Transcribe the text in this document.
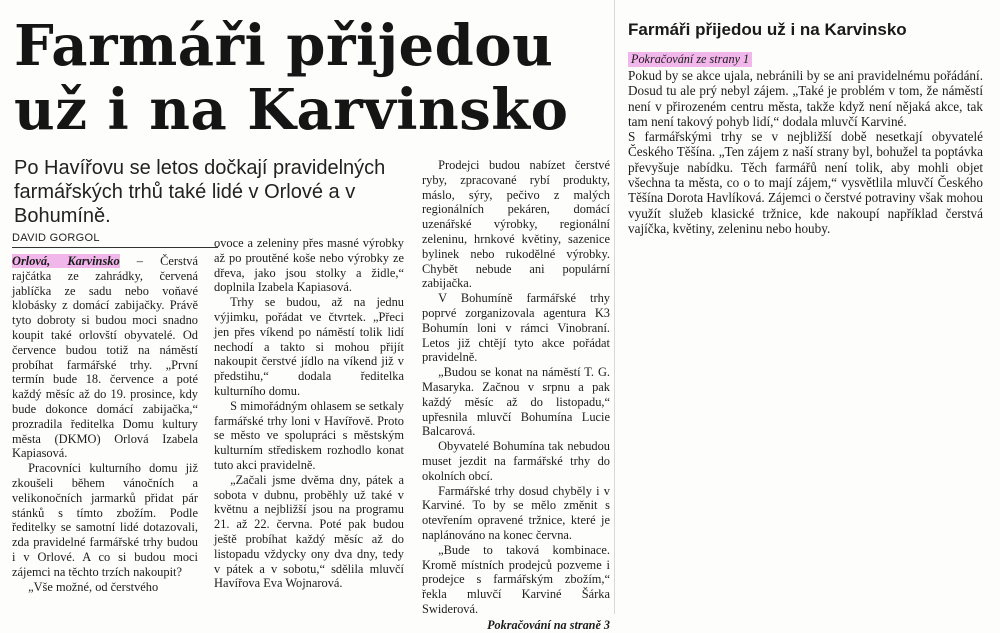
Farmáři přijedou už i na Karvinsko

Po Havířovu se letos dočkají pravidelných farmářských trhů také lidé v Orlové a v Bohumíně.

DAVID GORGOL

Orlová, Karvinsko – Čerstvá rajčátka ze zahrádky, červená jablíčka ze sadu nebo voňavé klobásky z domácí zabijačky. Právě tyto dobroty si budou moci snadno koupit také orlovští obyvatelé. Od července budou totiž na náměstí probíhat farmářské trhy. „První termín bude 18. července a poté každý měsíc až do 19. prosince, kdy bude dokonce domácí zabijačka,“ prozradila ředitelka Domu kultury města (DKMO) Orlová Izabela Kapiasová.

Pracovníci kulturního domu již zkoušeli během vánočních a velikonočních jarmarků přidat pár stánků s tímto zbožím. Podle ředitelky se samotní lidé dotazovali, zda pravidelné farmářské trhy budou i v Orlové. A co si budou moci zájemci na těchto trzích nakoupit?

„Vše možné, od čerstvého

ovoce a zeleniny přes masné výrobky až po proutěné koše nebo výrobky ze dřeva, jako jsou stolky a židle,“ doplnila Izabela Kapiasová.

Trhy se budou, až na jednu výjimku, pořádat ve čtvrtek. „Přeci jen přes víkend po náměstí tolik lidí nechodí a takto si mohou přijít nakoupit čerstvé jídlo na víkend již v předstihu,“ dodala ředitelka kulturního domu.

S mimořádným ohlasem se setkaly farmářské trhy loni v Havířově. Proto se město ve spolupráci s městským kulturním střediskem rozhodlo konat tuto akci pravidelně.

„Začali jsme dvěma dny, pátek a sobota v dubnu, proběhly už také v květnu a nejbližší jsou na programu 21. až 22. června. Poté pak budou ještě probíhat každý měsíc až do listopadu vždycky ony dva dny, tedy v pátek a v sobotu,“ sdělila mluvčí Havířova Eva Wojnarová.

Prodejci budou nabízet čerstvé ryby, zpracované rybí produkty, máslo, sýry, pečivo z malých regionálních pekáren, domácí uzenářské výrobky, regionální zeleninu, hrnkové květiny, sazenice bylinek nebo rukodělné výrobky. Chybět nebude ani populární zabijačka.

V Bohumíně farmářské trhy poprvé zorganizovala agentura K3 Bohumín loni v rámci Vinobraní. Letos již chtějí tyto akce pořádat pravidelně.

„Budou se konat na náměstí T. G. Masaryka. Začnou v srpnu a pak každý měsíc až do listopadu,“ upřesnila mluvčí Bohumína Lucie Balcarová.

Obyvatelé Bohumína tak nebudou muset jezdit na farmářské trhy do okolních obcí.

Farmářské trhy dosud chyběly i v Karviné. To by se mělo změnit s otevřením opravené tržnice, které je naplánováno na konec června.

„Bude to taková kombinace. Kromě místních prodejců pozveme i prodejce s farmářským zbožím,“ řekla mluvčí Karviné Šárka Swiderová.

Pokračování na straně 3
Farmáři přijedou už i na Karvinsko
Pokračování ze strany 1

Pokud by se akce ujala, nebránili by se ani pravidelnému pořádání. Dosud tu ale prý nebyl zájem. „Také je problém v tom, že náměstí není v přirozeném centru města, takže když není nějaká akce, tak tam není takový pohyb lidí,“ dodala mluvčí Karviné.

S farmářskými trhy se v nejbližší době nesetkají obyvatelé Českého Těšína. „Ten zájem z naší strany byl, bohužel ta poptávka převyšuje nabídku. Těch farmářů není tolik, aby mohli objet všechna ta města, co o to mají zájem,“ vysvětlila mluvčí Českého Těšína Dorota Havlíková. Zájemci o čerstvé potraviny však mohou využít služeb klasické tržnice, kde nakoupí například čerstvá vajíčka, květiny, zeleninu nebo houby.
